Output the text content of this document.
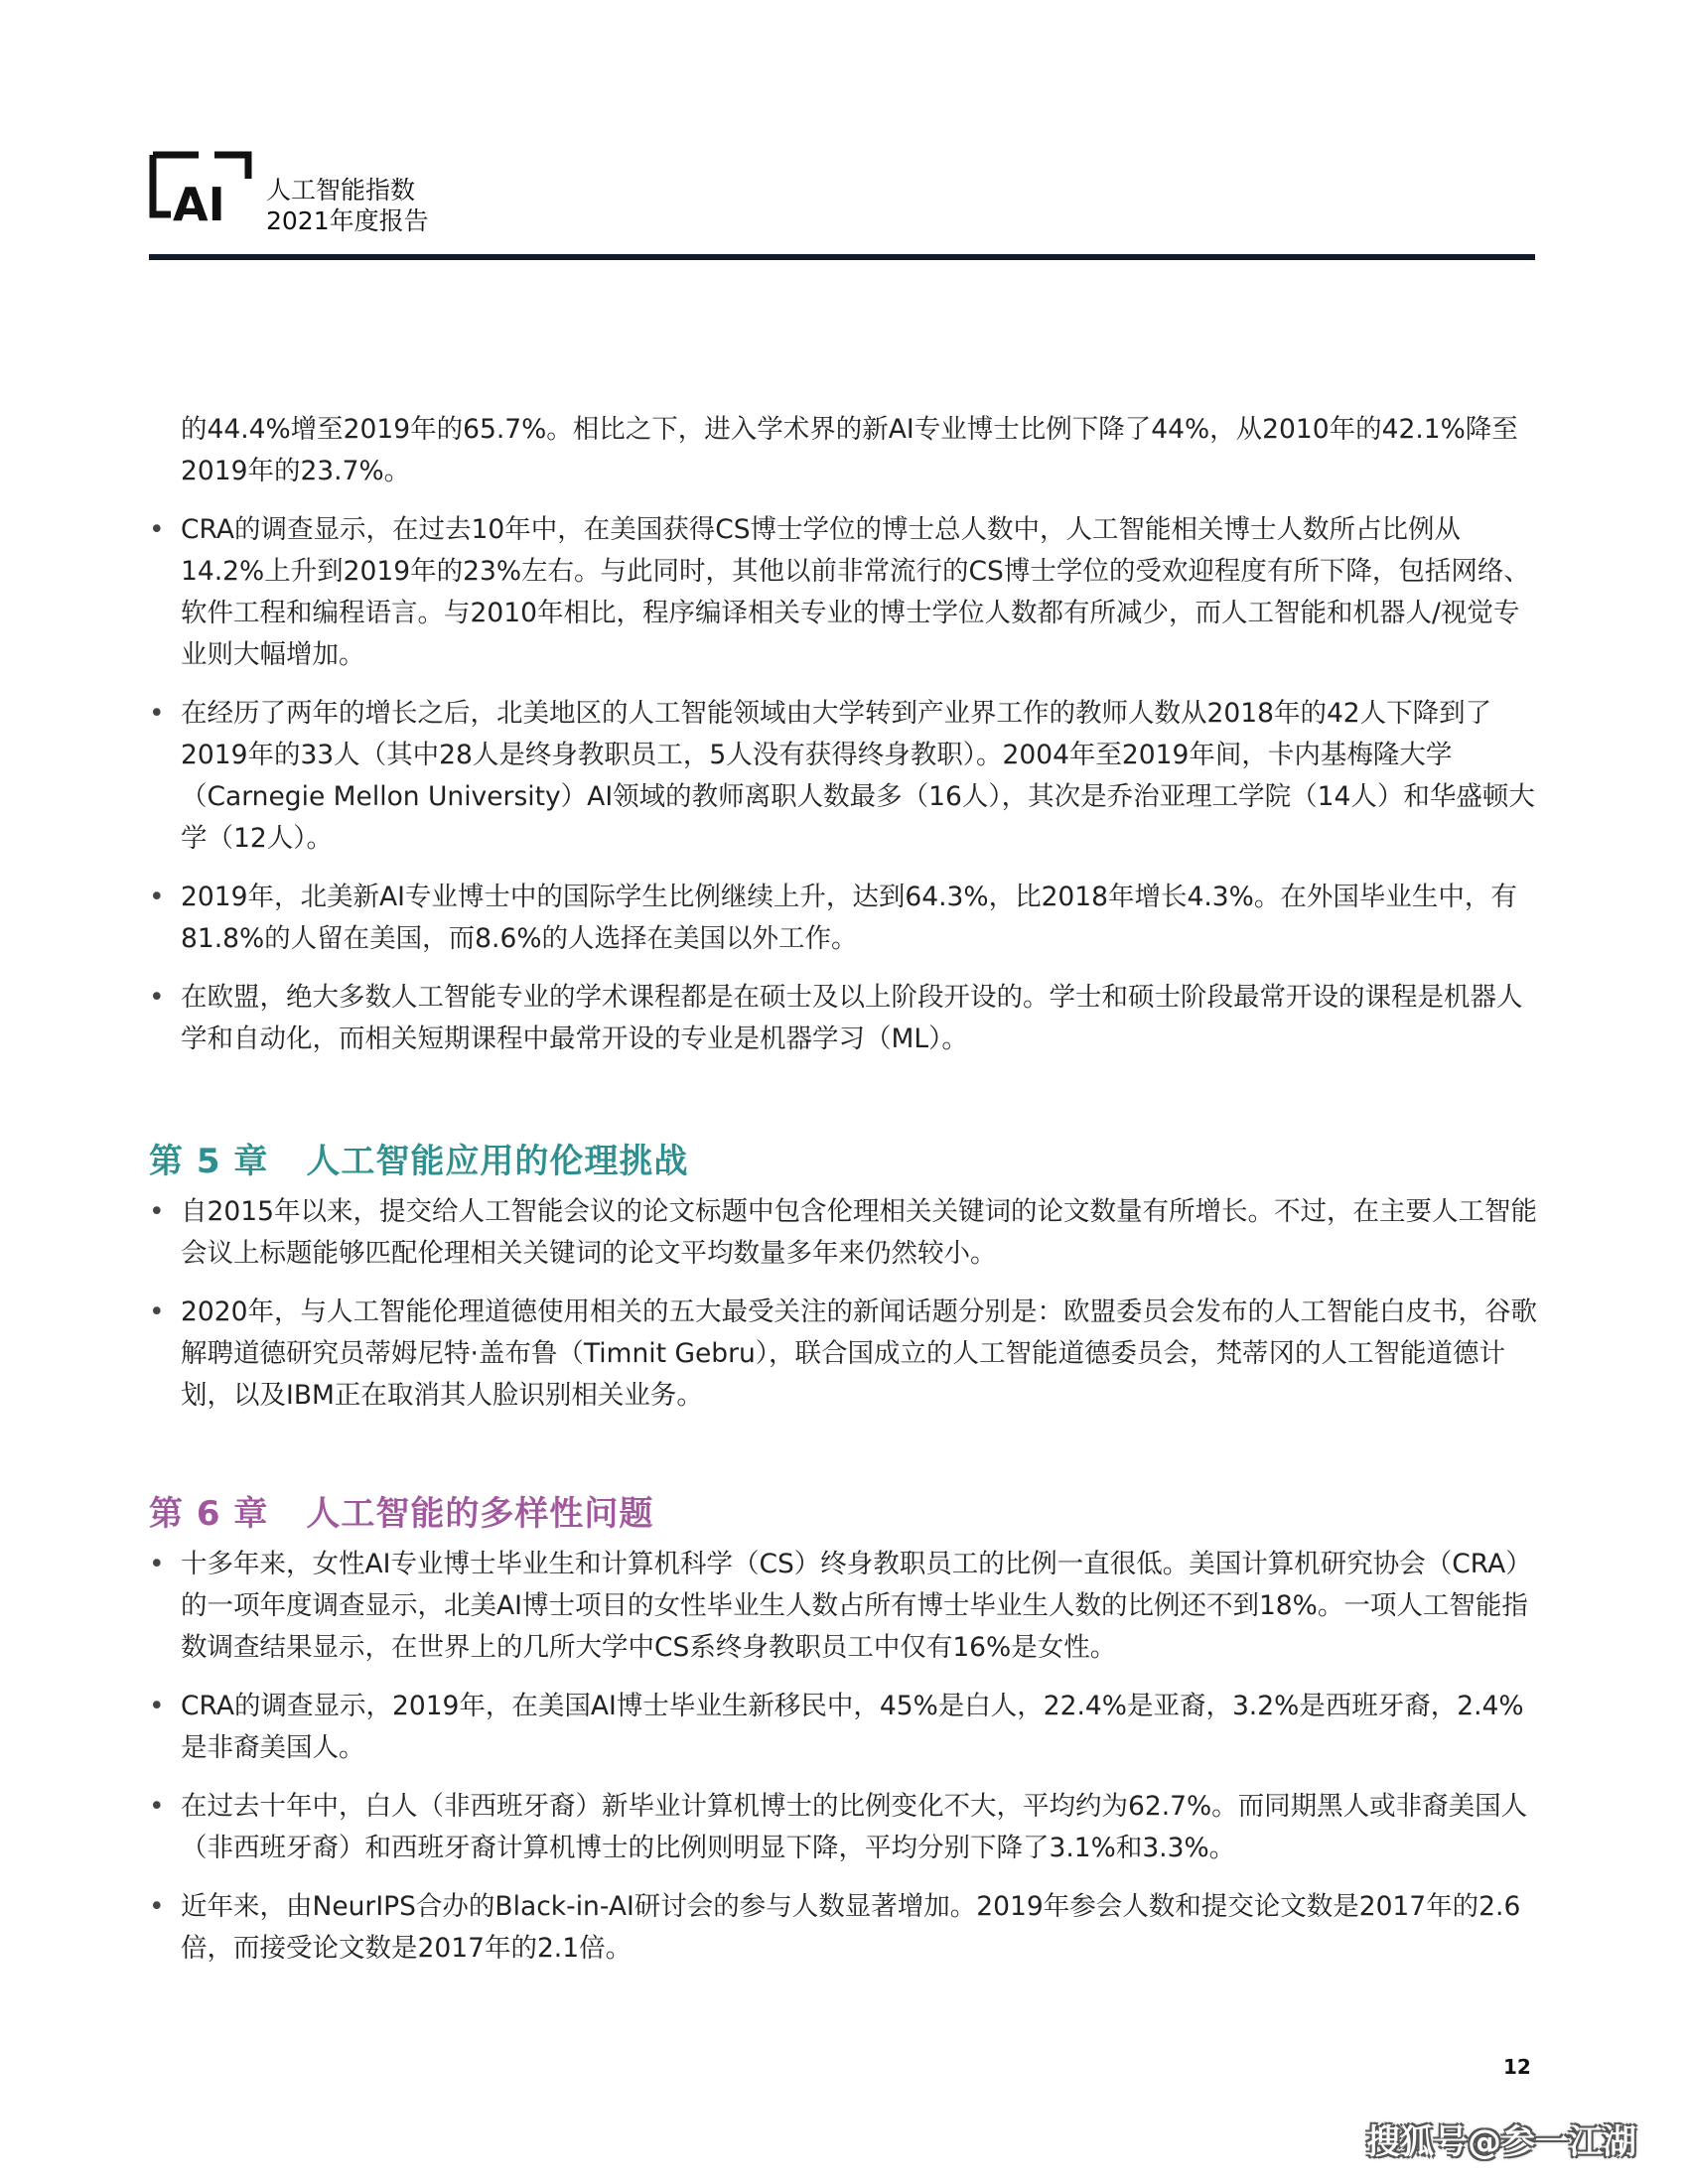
AI 人工智能指数
2021年度报告

的44.4%增至2019年的65.7%。相比之下，进入学术界的新AI专业博士比例下降了44%，从2010年的42.1%降至2019年的23.7%。

• CRA的调查显示，在过去10年中，在美国获得CS博士学位的博士总人数中，人工智能相关博士人数所占比例从14.2%上升到2019年的23%左右。与此同时，其他以前非常流行的CS博士学位的受欢迎程度有所下降，包括网络、软件工程和编程语言。与2010年相比，程序编译相关专业的博士学位人数都有所减少，而人工智能和机器人/视觉专业则大幅增加。
• 在经历了两年的增长之后，北美地区的人工智能领域由大学转到产业界工作的教师人数从2018年的42人下降到了2019年的33人（其中28人是终身教职员工，5人没有获得终身教职）。2004年至2019年间，卡内基梅隆大学（Carnegie Mellon University）AI领域的教师离职人数最多（16人），其次是乔治亚理工学院（14人）和华盛顿大学（12人）。
• 2019年，北美新AI专业博士中的国际学生比例继续上升，达到64.3%，比2018年增长4.3%。在外国毕业生中，有81.8%的人留在美国，而8.6%的人选择在美国以外工作。
• 在欧盟，绝大多数人工智能专业的学术课程都是在硕士及以上阶段开设的。学士和硕士阶段最常开设的课程是机器人学和自动化，而相关短期课程中最常开设的专业是机器学习（ML）。
第 5 章 人工智能应用的伦理挑战
• 自2015年以来，提交给人工智能会议的论文标题中包含伦理相关关键词的论文数量有所增长。不过，在主要人工智能会议上标题能够匹配伦理相关关键词的论文平均数量多年来仍然较小。
• 2020年，与人工智能伦理道德使用相关的五大最受关注的新闻话题分别是：欧盟委员会发布的人工智能白皮书，谷歌解聘道德研究员蒂姆尼特·盖布鲁（Timnit Gebru），联合国成立的人工智能道德委员会，梵蒂冈的人工智能道德计划，以及IBM正在取消其人脸识别相关业务。
第 6 章 人工智能的多样性问题
• 十多年来，女性AI专业博士毕业生和计算机科学（CS）终身教职员工的比例一直很低。美国计算机研究协会（CRA）的一项年度调查显示，北美AI博士项目的女性毕业生人数占所有博士毕业生人数的比例还不到18%。一项人工智能指数调查结果显示，在世界上的几所大学中CS系终身教职员工中仅有16%是女性。
• CRA的调查显示，2019年，在美国AI博士毕业生新移民中，45%是白人，22.4%是亚裔，3.2%是西班牙裔，2.4%是非裔美国人。
• 在过去十年中，白人（非西班牙裔）新毕业计算机博士的比例变化不大，平均约为62.7%。而同期黑人或非裔美国人（非西班牙裔）和西班牙裔计算机博士的比例则明显下降，平均分别下降了3.1%和3.3%。
• 近年来，由NeurIPS合办的Black-in-AI研讨会的参与人数显著增加。2019年参会人数和提交论文数是2017年的2.6倍，而接受论文数是2017年的2.1倍。
12
搜狐号@参一江湖
